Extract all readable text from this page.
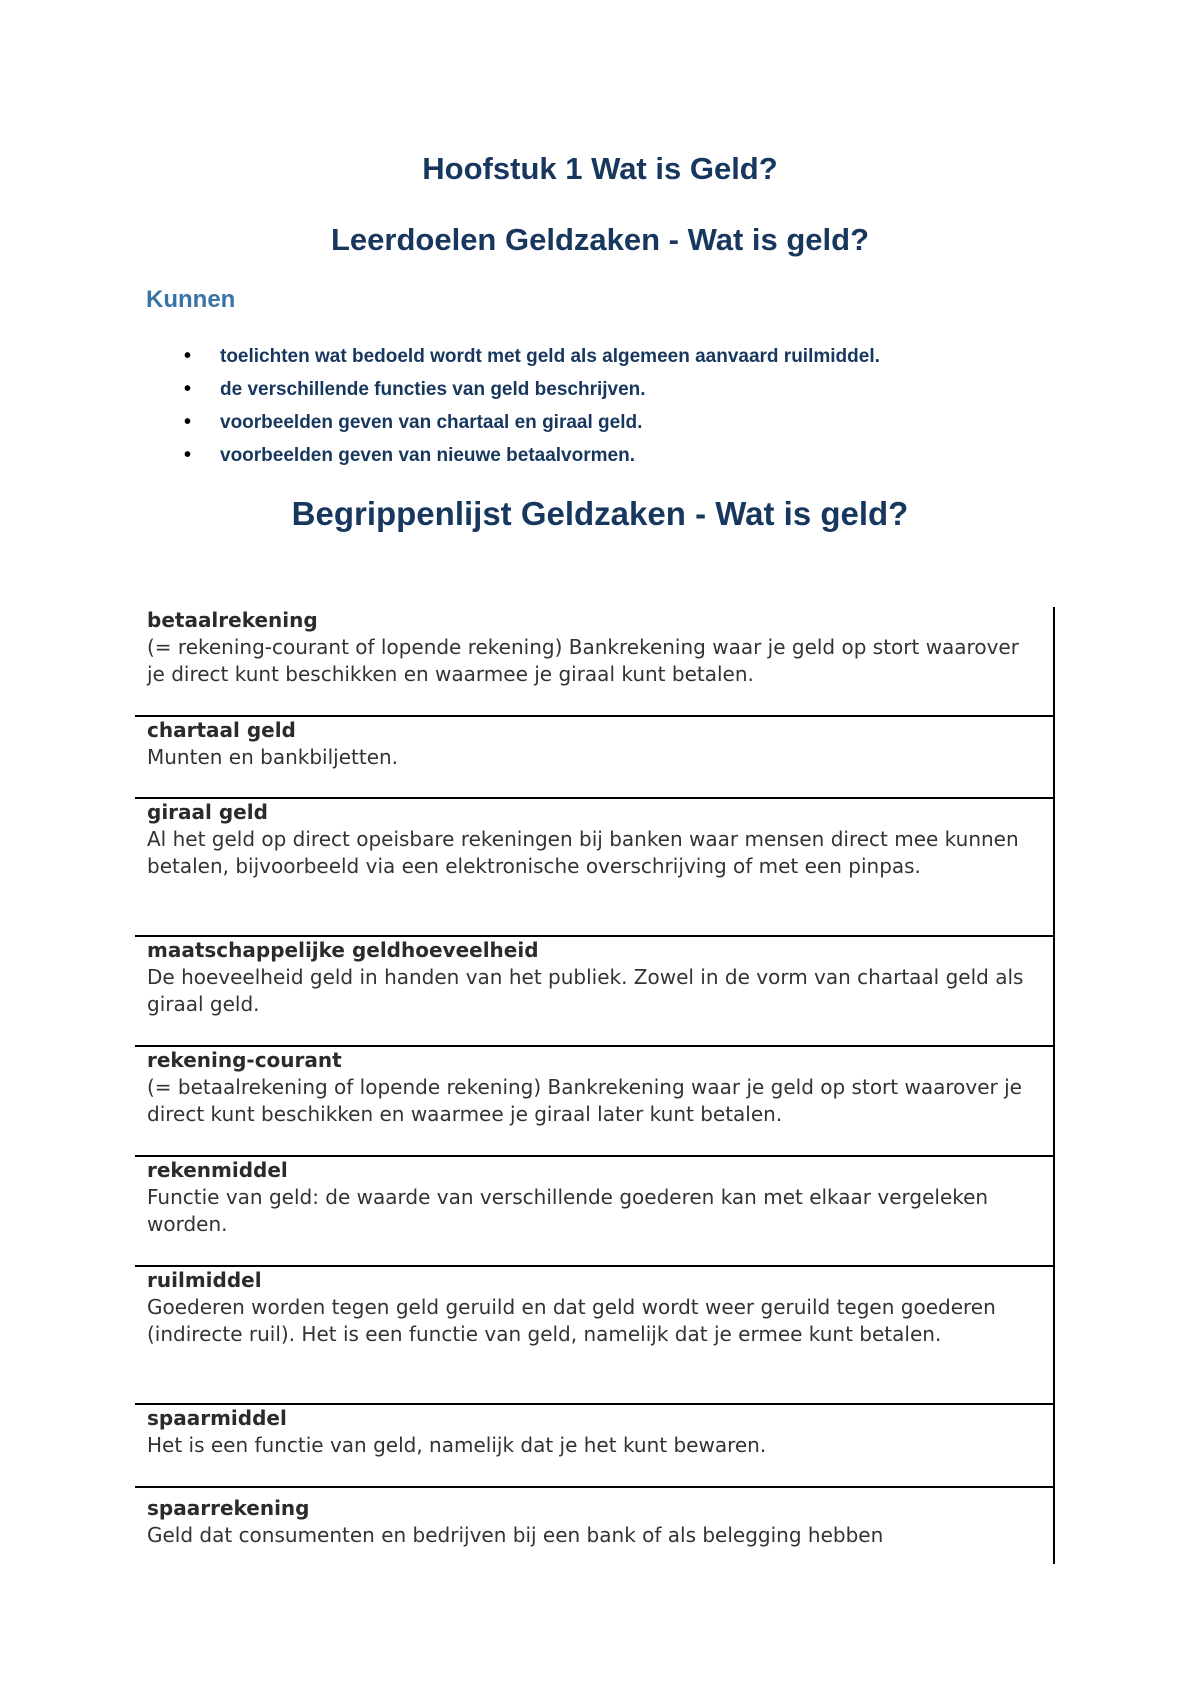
Hoofstuk 1 Wat is Geld?
Leerdoelen Geldzaken - Wat is geld?
Kunnen
• toelichten wat bedoeld wordt met geld als algemeen aanvaard ruilmiddel.
• de verschillende functies van geld beschrijven.
• voorbeelden geven van chartaal en giraal geld.
• voorbeelden geven van nieuwe betaalvormen.
Begrippenlijst Geldzaken - Wat is geld?
betaalrekening
(= rekening-courant of lopende rekening) Bankrekening waar je geld op stort waarover je direct kunt beschikken en waarmee je giraal kunt betalen.
chartaal geld
Munten en bankbiljetten.
giraal geld
Al het geld op direct opeisbare rekeningen bij banken waar mensen direct mee kunnen betalen, bijvoorbeeld via een elektronische overschrijving of met een pinpas.
maatschappelijke geldhoeveelheid
De hoeveelheid geld in handen van het publiek. Zowel in de vorm van chartaal geld als giraal geld.
rekening-courant
(= betaalrekening of lopende rekening) Bankrekening waar je geld op stort waarover je direct kunt beschikken en waarmee je giraal later kunt betalen.
rekenmiddel
Functie van geld: de waarde van verschillende goederen kan met elkaar vergeleken worden.
ruilmiddel
Goederen worden tegen geld geruild en dat geld wordt weer geruild tegen goederen (indirecte ruil). Het is een functie van geld, namelijk dat je ermee kunt betalen.
spaarmiddel
Het is een functie van geld, namelijk dat je het kunt bewaren.
spaarrekening
Geld dat consumenten en bedrijven bij een bank of als belegging hebben
